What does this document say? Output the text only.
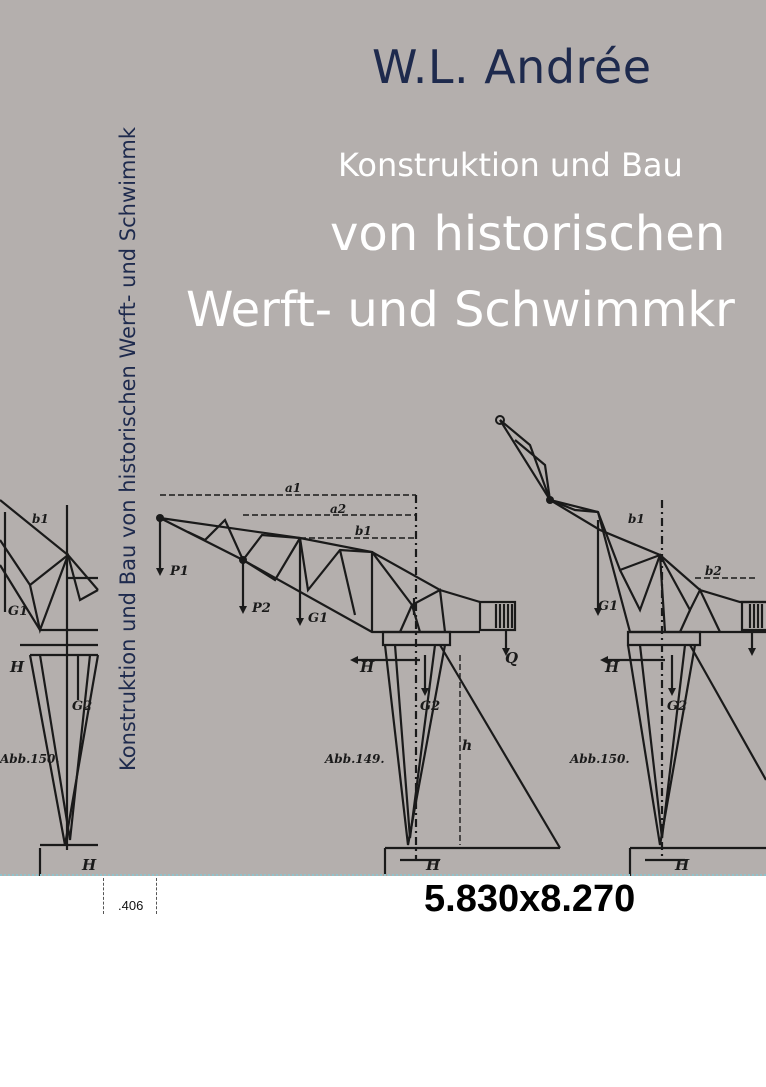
Abb.150.	Abb.149.	Abb.150.
a1
a2
b1
b2
P1
P2
G1
G2
H
H
Q
h
H
H
G1
G2
b1
H
H
G1
G2
b1	Konstruktion und Bau von historischen Werft- und Schwimmk
W.L. Andrée
Konstruktion und Bau
von historischen
Werft- und Schwimmkr
.406	5.830x8.270
